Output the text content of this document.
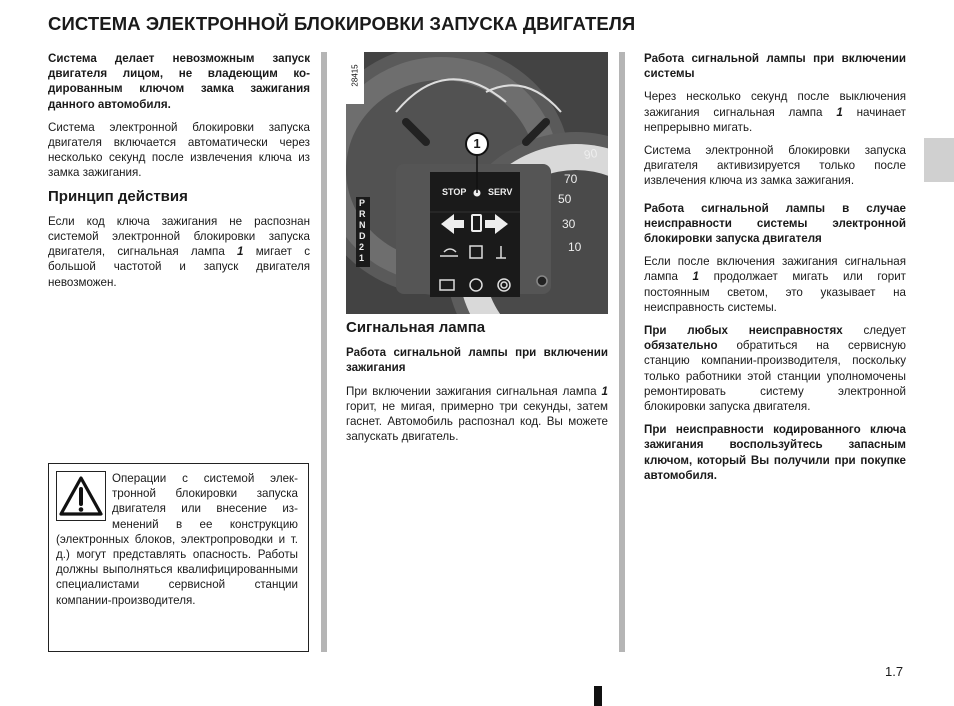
СИСТЕМА ЭЛЕКТРОННОЙ БЛОКИРОВКИ ЗАПУСКА ДВИГАТЕЛЯ

Система делает невозможным запуск двигателя лицом, не владеющим кодированным ключом замка зажигания данного автомобиля.

Система электронной блокировки запуска двигателя включается автоматически через несколько секунд после извлечения ключа из замка зажигания.

Принцип действия

Если код ключа зажигания не распознан системой электронной блокировки запуска двигателя, сигнальная лампа 1 мигает с большой частотой и запуск двигателя невозможен.

Операции с системой электронной блокировки запуска двигателя или внесение изменений в ее конструкцию (электронных блоков, электропроводки и т. д.) могут представлять опасность. Работы должны выполняться квалифицированными специалистами сервисной станции компании-производителя.
28415
1
STOP SERV
PRND21
90
70
50
30
10

Сигнальная лампа

Работа сигнальной лампы при включении зажигания

При включении зажигания сигнальная лампа 1 горит, не мигая, примерно три секунды, затем гаснет. Автомобиль распознал код. Вы можете запускать двигатель.

Работа сигнальной лампы при включении системы

Через несколько секунд после выключения зажигания сигнальная лампа 1 начинает непрерывно мигать.

Система электронной блокировки запуска двигателя активизируется только после извлечения ключа из замка зажигания.

Работа сигнальной лампы в случае неисправности системы электронной блокировки запуска двигателя

Если после включения зажигания сигнальная лампа 1 продолжает мигать или горит постоянным светом, это указывает на неисправность системы.

При любых неисправностях следует обязательно обратиться на сервисную станцию компании-производителя, поскольку только работники этой станции уполномочены ремонтировать систему электронной блокировки запуска двигателя.

При неисправности кодированного ключа зажигания воспользуйтесь запасным ключом, который Вы получили при покупке автомобиля.

1.7
